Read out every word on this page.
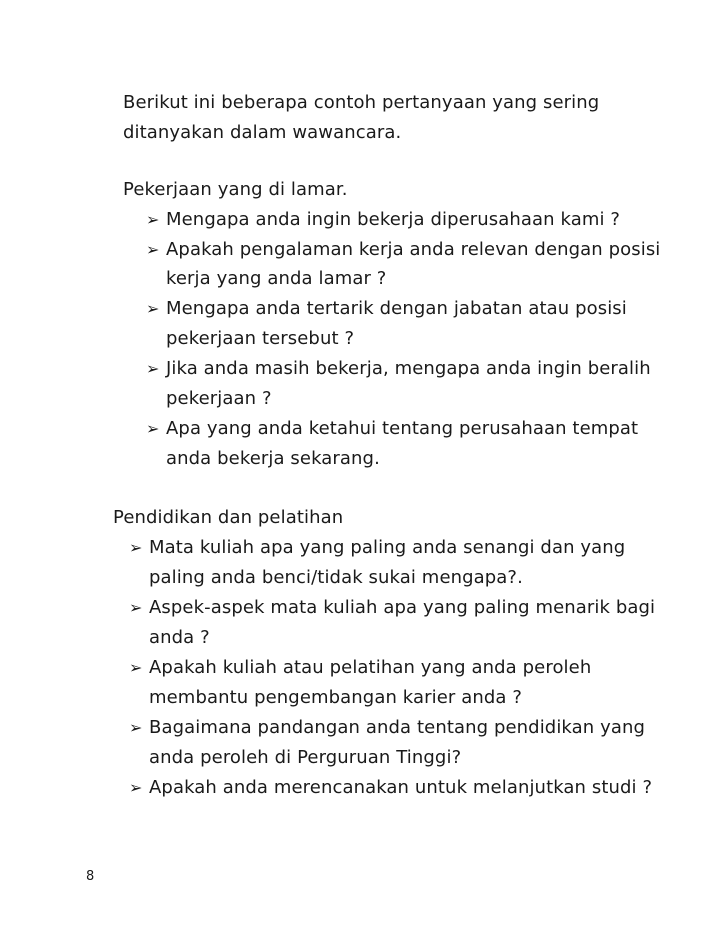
Berikut ini beberapa contoh pertanyaan yang sering
ditanyakan dalam wawancara.
Pekerjaan yang di lamar.
➢ Mengapa anda ingin bekerja diperusahaan kami ?
➢ Apakah pengalaman kerja anda relevan dengan posisi
kerja yang anda lamar ?
➢ Mengapa anda tertarik dengan jabatan atau posisi
pekerjaan tersebut ?
➢ Jika anda masih bekerja, mengapa anda ingin beralih
pekerjaan ?
➢ Apa yang anda ketahui tentang perusahaan tempat
anda bekerja sekarang.
Pendidikan dan pelatihan
➢ Mata kuliah apa yang paling anda senangi dan yang
paling anda benci/tidak sukai mengapa?.
➢ Aspek-aspek mata kuliah apa yang paling menarik bagi
anda ?
➢ Apakah kuliah atau pelatihan yang anda peroleh
membantu pengembangan karier anda ?
➢ Bagaimana pandangan anda tentang pendidikan yang
anda peroleh di Perguruan Tinggi?
➢ Apakah anda merencanakan untuk melanjutkan studi ?
8
